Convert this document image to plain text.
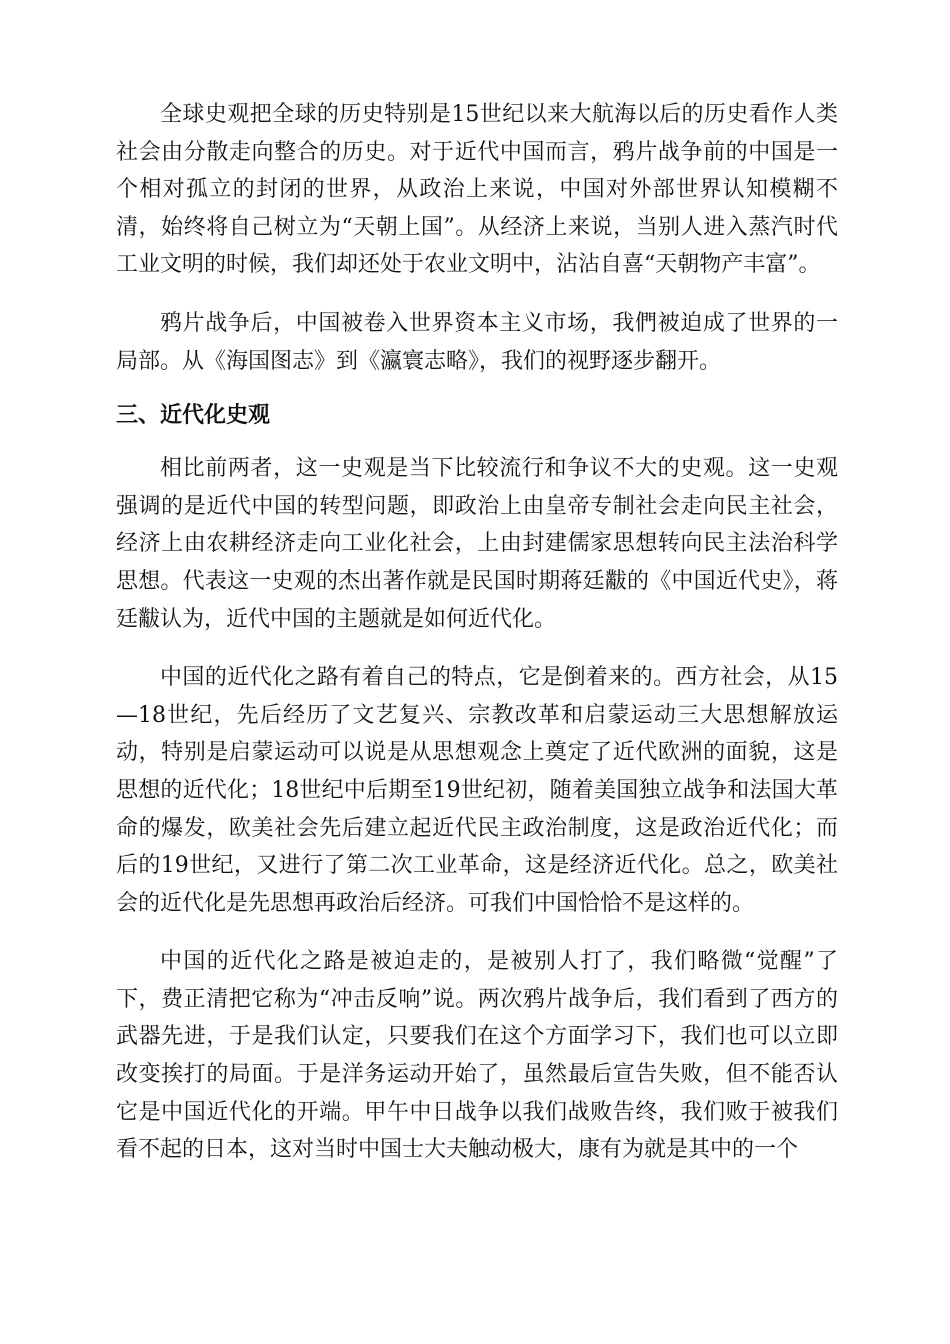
全球史观把全球的历史特别是15世纪以来大航海以后的历史看作人类社会由分散走向整合的历史。对于近代中国而言，鸦片战争前的中国是一个相对孤立的封闭的世界，从政治上来说，中国对外部世界认知模糊不清，始终将自己树立为“天朝上国”。从经济上来说，当别人进入蒸汽时代工业文明的时候，我们却还处于农业文明中，沾沾自喜“天朝物产丰富”。

鸦片战争后，中国被卷入世界资本主义市场，我們被迫成了世界的一局部。从《海国图志》到《瀛寰志略》，我们的视野逐步翻开。

三、近代化史观

相比前两者，这一史观是当下比较流行和争议不大的史观。这一史观强调的是近代中国的转型问题，即政治上由皇帝专制社会走向民主社会，经济上由农耕经济走向工业化社会，上由封建儒家思想转向民主法治科学思想。代表这一史观的杰出著作就是民国时期蒋廷黻的《中国近代史》，蒋廷黻认为，近代中国的主题就是如何近代化。

中国的近代化之路有着自己的特点，它是倒着来的。西方社会，从15—18世纪，先后经历了文艺复兴、宗教改革和启蒙运动三大思想解放运动，特别是启蒙运动可以说是从思想观念上奠定了近代欧洲的面貌，这是思想的近代化；18世纪中后期至19世纪初，随着美国独立战争和法国大革命的爆发，欧美社会先后建立起近代民主政治制度，这是政治近代化；而后的19世纪，又进行了第二次工业革命，这是经济近代化。总之，欧美社会的近代化是先思想再政治后经济。可我们中国恰恰不是这样的。

中国的近代化之路是被迫走的，是被别人打了，我们略微“觉醒”了下，费正清把它称为“冲击反响”说。两次鸦片战争后，我们看到了西方的武器先进，于是我们认定，只要我们在这个方面学习下，我们也可以立即改变挨打的局面。于是洋务运动开始了，虽然最后宣告失败，但不能否认它是中国近代化的开端。甲午中日战争以我们战败告终，我们败于被我们看不起的日本，这对当时中国士大夫触动极大，康有为就是其中的一个
